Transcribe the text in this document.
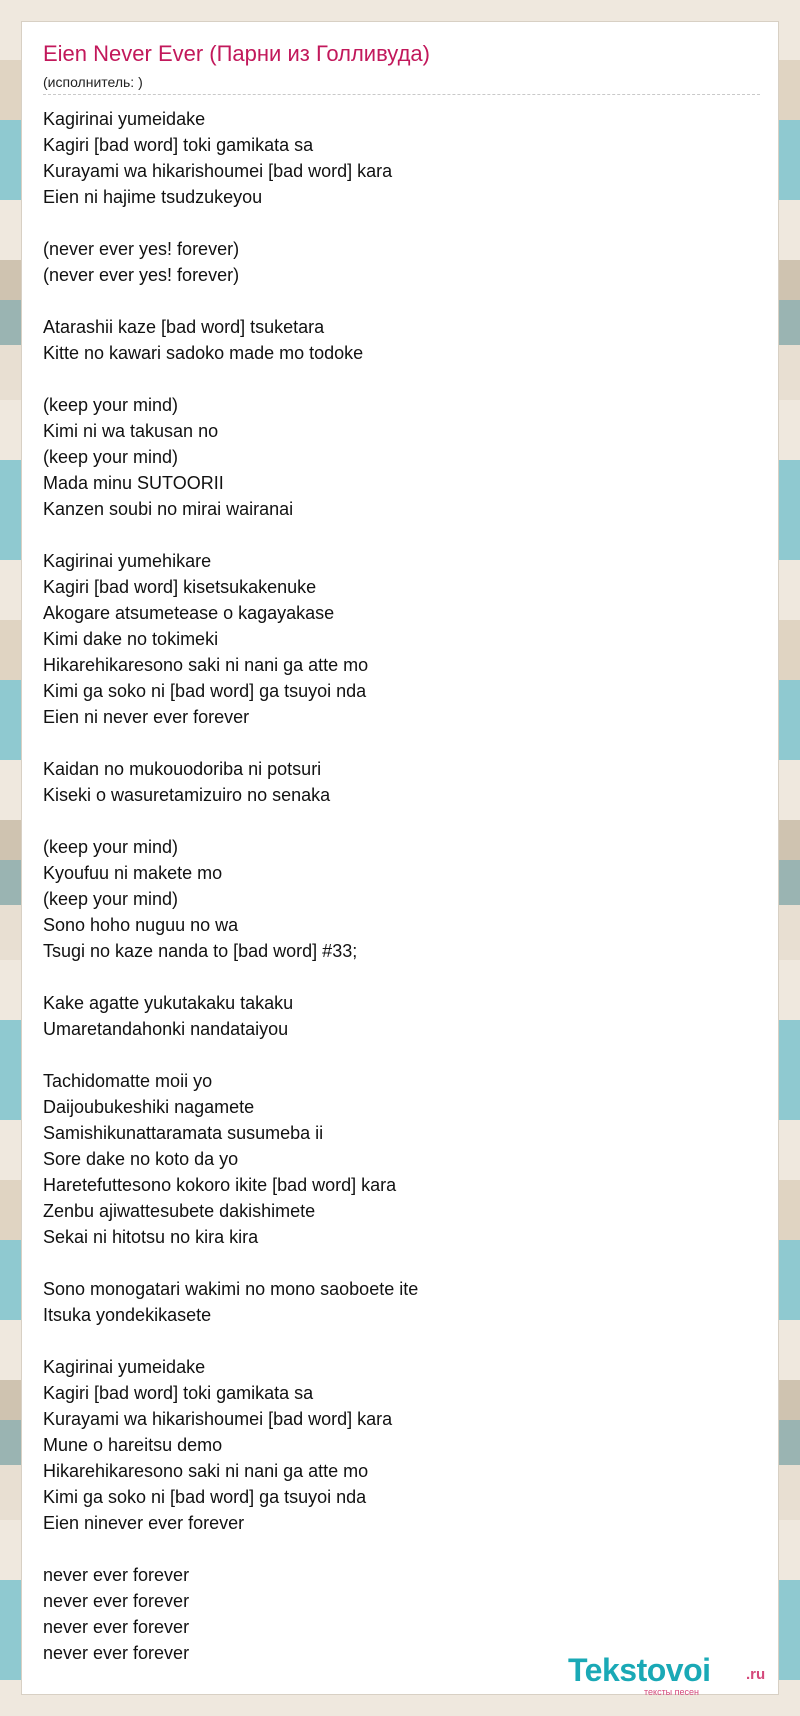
Eien Never Ever (Парни из Голливуда)
(исполнитель: )
Kagirinai yumeidake
Kagiri [bad word] toki gamikata sa
Kurayami wa hikarishoumei [bad word] kara
Eien ni hajime tsudzukeyou
(never ever yes! forever)
(never ever yes! forever)
Atarashii kaze [bad word] tsuketara
Kitte no kawari sadoko made mo todoke
(keep your mind)
Kimi ni wa takusan no
(keep your mind)
Mada minu SUTOORII
Kanzen soubi no mirai wairanai
Kagirinai yumehikare
Kagiri [bad word] kisetsukakenuke
Akogare atsumetease o kagayakase
Kimi dake no tokimeki
Hikarehikaresono saki ni nani ga atte mo
Kimi ga soko ni [bad word] ga tsuyoi nda
Eien ni never ever forever
Kaidan no mukouodoriba ni potsuri
Kiseki o wasuretamizuiro no senaka
(keep your mind)
Kyoufuu ni makete mo
(keep your mind)
Sono hoho nuguu no wa
Tsugi no kaze nanda to [bad word] #33;
Kake agatte yukutakaku takaku
Umaretandahonki nandataiyou
Tachidomatte moii yo
Daijoubukeshiki nagamete
Samishikunattaramata susumeba ii
Sore dake no koto da yo
Haretefuttesono kokoro ikite [bad word] kara
Zenbu ajiwattesubete dakishimete
Sekai ni hitotsu no kira kira
Sono monogatari wakimi no mono saoboete ite
Itsuka yondekikasete
Kagirinai yumeidake
Kagiri [bad word] toki gamikata sa
Kurayami wa hikarishoumei [bad word] kara
Mune o hareitsu demo
Hikarehikaresono saki ni nani ga atte mo
Kimi ga soko ni [bad word] ga tsuyoi nda
Eien ninever ever forever
never ever forever
never ever forever
never ever forever
never ever forever	Tekstovoi .ru
тексты песен
